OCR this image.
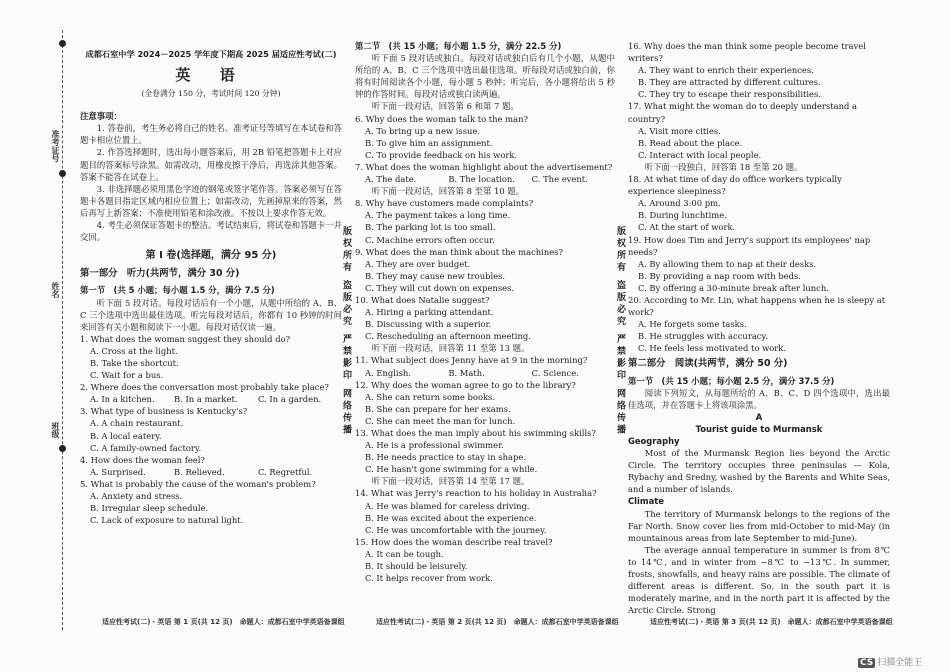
准考证号
姓名
班级

成都石室中学 2024－2025 学年度下期高 2025 届适应性考试(二)

英 语

(全卷满分 150 分，考试时间 120 分钟)

注意事项：

1. 答卷前，考生务必将自己的姓名、准考证号等填写在本试卷和答题卡相应位置上。

2. 作答选择题时，选出每小题答案后，用 2B 铅笔把答题卡上对应题目的答案标号涂黑。如需改动，用橡皮擦干净后，再选涂其他答案。答案不能答在试卷上。

3. 非选择题必须用黑色字迹的钢笔或签字笔作答。答案必须写在答题卡各题目指定区域内相应位置上；如需改动，先画掉原来的答案，然后再写上新答案；不准使用铅笔和涂改液。不按以上要求作答无效。

4. 考生必须保证答题卡的整洁。考试结束后，将试卷和答题卡一并交回。

第 I 卷(选择题，满分 95 分)

第一部分　听力(共两节，满分 30 分)

第一节　(共 5 小题；每小题 1.5 分，满分 7.5 分)

听下面 5 段对话。每段对话后有一个小题，从题中所给的 A、B、C 三个选项中选出最佳选项。听完每段对话后，你都有 10 秒钟的时间来回答有关小题和阅读下一小题。每段对话仅读一遍。

1. What does the woman suggest they should do?

A. Cross at the light.

B. Take the shortcut.

C. Wait for a bus.

2. Where does the conversation most probably take place?

A. In a kitchen.	B. In a market.	C. In a garden.

3. What type of business is Kentucky's?

A. A chain restaurant.

B. A local eatery.

C. A family-owned factory.

4. How does the woman feel?

A. Surprised.	B. Relieved.	C. Regretful.

5. What is probably the cause of the woman's problem?

A. Anxiety and stress.

B. Irregular sleep schedule.

C. Lack of exposure to natural light.

第二节　(共 15 小题；每小题 1.5 分，满分 22.5 分)

听下面 5 段对话或独白。每段对话或独白后有几个小题，从题中所给的 A、B、C 三个选项中选出最佳选项。听每段对话或独白前，你将有时间阅读各个小题，每小题 5 秒钟；听完后，各小题将给出 5 秒钟的作答时间。每段对话或独白读两遍。

听下面一段对话，回答第 6 和第 7 题。

6. Why does the woman talk to the man?

A. To bring up a new issue.

B. To give him an assignment.

C. To provide feedback on his work.

7. What does the woman highlight about the advertisement?

A. The date.	B. The location.	C. The event.

听下面一段对话，回答第 8 至第 10 题。

8. Why have customers made complaints?

A. The payment takes a long time.

B. The parking lot is too small.

C. Machine errors often occur.

9. What does the man think about the machines?

A. They are over budget.

B. They may cause new troubles.

C. They will cut down on expenses.

10. What does Natalie suggest?

A. Hiring a parking attendant.

B. Discussing with a superior.

C. Rescheduling an afternoon meeting.

听下面一段对话，回答第 11 至第 13 题。

11. What subject does Jenny have at 9 in the morning?

A. English.	B. Math.	C. Science.

12. Why does the woman agree to go to the library?

A. She can return some books.

B. She can prepare for her exams.

C. She can meet the man for lunch.

13. What does the man imply about his swimming skills?

A. He is a professional swimmer.

B. He needs practice to stay in shape.

C. He hasn't gone swimming for a while.

听下面一段对话，回答第 14 至第 17 题。

14. What was Jerry's reaction to his holiday in Australia?

A. He was blamed for careless driving.

B. He was excited about the experience.

C. He was uncomfortable with the journey.

15. How does the woman describe real travel?

A. It can be tough.

B. It should be leisurely.

C. It helps recover from work.

版权所有 盗版必究 严禁影印 网络传播

16. Why does the man think some people become travel writers?

A. They want to enrich their experiences.

B. They are attracted by different cultures.

C. They try to escape their responsibilities.

17. What might the woman do to deeply understand a country?

A. Visit more cities.

B. Read about the place.

C. Interact with local people.

听下面一段独白，回答第 18 至第 20 题。

18. At what time of day do office workers typically experience sleepiness?

A. Around 3:00 pm.

B. During lunchtime.

C. At the start of work.

19. How does Tim and Jerry's support its employees' nap needs?

A. By allowing them to nap at their desks.

B. By providing a nap room with beds.

C. By offering a 30-minute break after lunch.

20. According to Mr. Lin, what happens when he is sleepy at work?

A. He forgets some tasks.

B. He struggles with accuracy.

C. He feels less motivated to work.

第二部分　阅读(共两节，满分 50 分)

第一节　(共 15 小题；每小题 2.5 分，满分 37.5 分)

阅读下列短文，从每题所给的 A、B、C、D 四个选项中，选出最佳选项，并在答题卡上将该项涂黑。

A

Tourist guide to Murmansk

Geography

Most of the Murmansk Region lies beyond the Arctic Circle. The territory occupies three peninsulas — Kola, Rybachy and Sredny, washed by the Barents and White Seas, and a number of islands.

Climate

The territory of Murmansk belongs to the regions of the Far North. Snow cover lies from mid-October to mid-May (in mountainous areas from late September to mid-June).

The average annual temperature in summer is from 8℃ to 14℃, and in winter from −8℃ to −13℃. In summer, frosts, snowfalls, and heavy rains are possible. The climate of different areas is different. So, in the south part it is moderately marine, and in the north part it is affected by the Arctic Circle. Strong

版权所有 盗版必究 严禁影印 网络传播
适应性考试(二)・英语 第 1 页(共 12 页)　命题人：成都石室中学英语备课组	适应性考试(二)・英语 第 2 页(共 12 页)　命题人：成都石室中学英语备课组	适应性考试(二)・英语 第 3 页(共 12 页)　命题人：成都石室中学英语备课组
CS 扫描全能王
